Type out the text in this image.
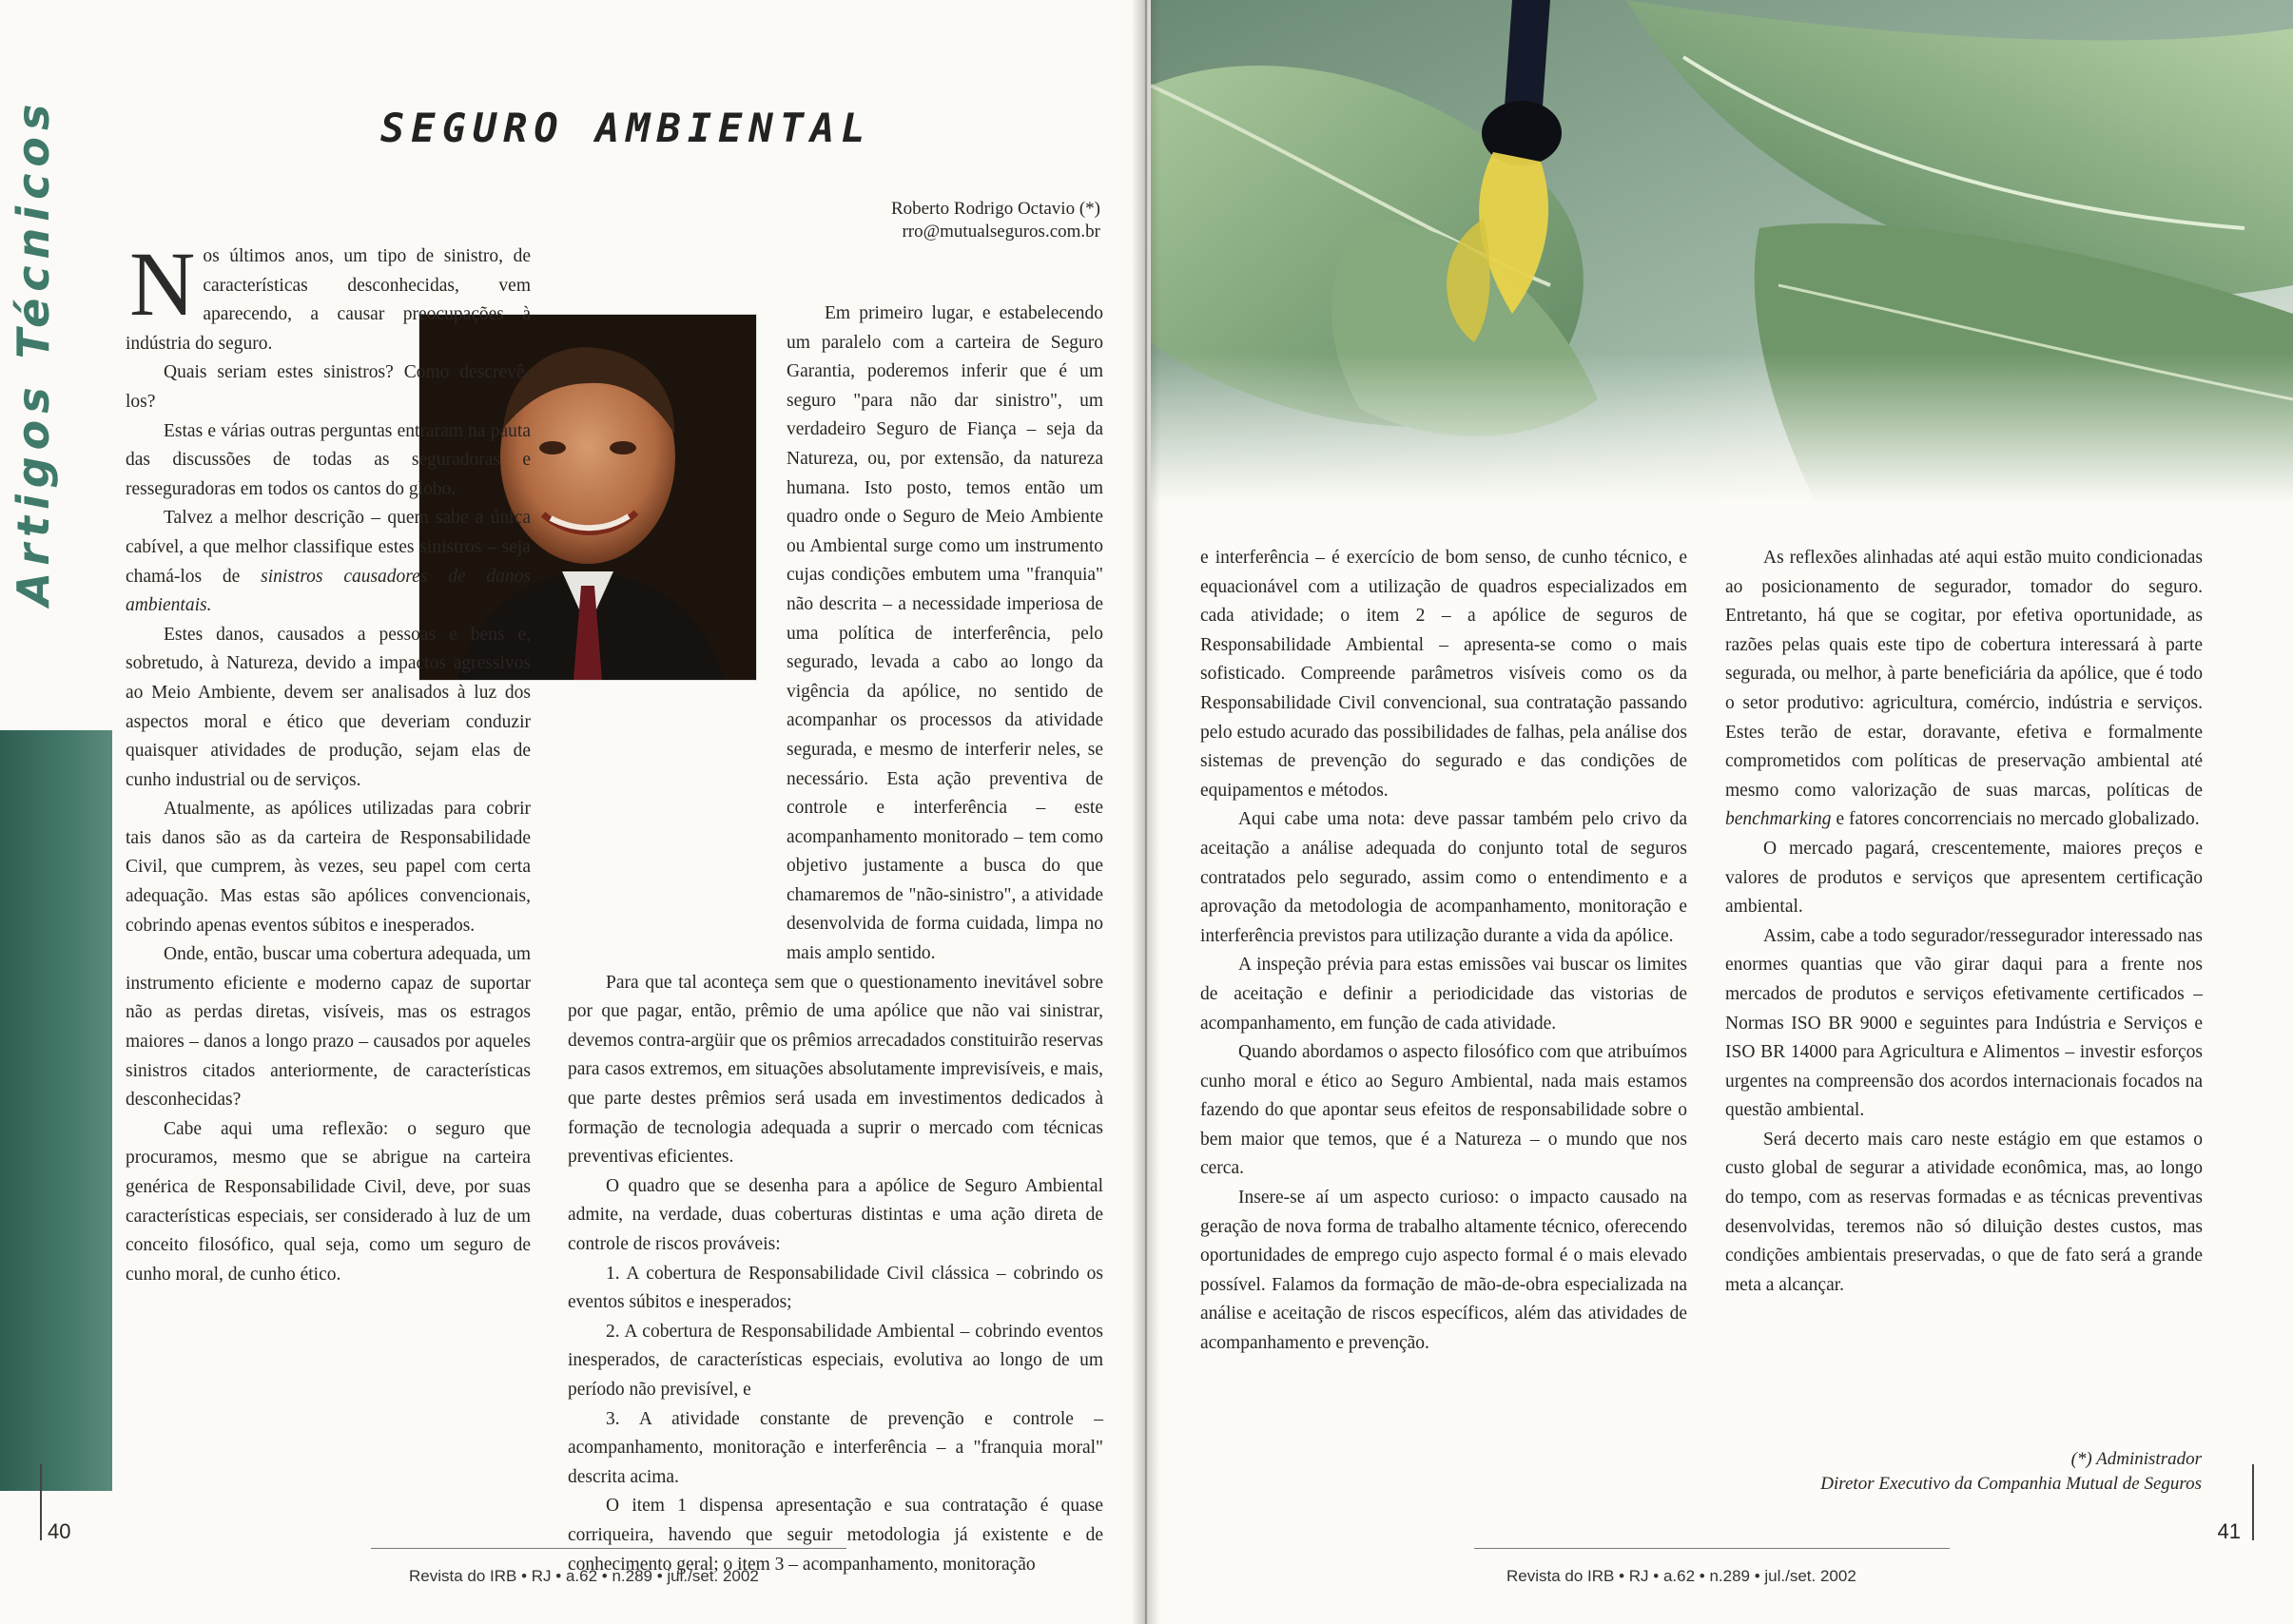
Artigos Técnicos	SEGURO AMBIENTAL
Roberto Rodrigo Octavio (*)
rro@mutualseguros.com.br

Nos últimos anos, um tipo de sinistro, de características desconhecidas, vem aparecendo, a causar preocupações à indústria do seguro.

Quais seriam estes sinistros? Como descrevê-los?

Estas e várias outras perguntas entraram na pauta das discussões de todas as seguradoras e resseguradoras em todos os cantos do globo.

Talvez a melhor descrição – quem sabe a única cabível, a que melhor classifique estes sinistros – seja chamá-los de sinistros causadores de danos ambientais.

Estes danos, causados a pessoas e bens e, sobretudo, à Natureza, devido a impactos agressivos ao Meio Ambiente, devem ser analisados à luz dos aspectos moral e ético que deveriam conduzir quaisquer atividades de produção, sejam elas de cunho industrial ou de serviços.

Atualmente, as apólices utilizadas para cobrir tais danos são as da carteira de Responsabilidade Civil, que cumprem, às vezes, seu papel com certa adequação. Mas estas são apólices convencionais, cobrindo apenas eventos súbitos e inesperados.

Onde, então, buscar uma cobertura adequada, um instrumento eficiente e moderno capaz de suportar não as perdas diretas, visíveis, mas os estragos maiores – danos a longo prazo – causados por aqueles sinistros citados anteriormente, de características desconhecidas?

Cabe aqui uma reflexão: o seguro que procuramos, mesmo que se abrigue na carteira genérica de Responsabilidade Civil, deve, por suas características especiais, ser considerado à luz de um conceito filosófico, qual seja, como um seguro de cunho moral, de cunho ético.

Em primeiro lugar, e estabelecendo um paralelo com a carteira de Seguro Garantia, poderemos inferir que é um seguro "para não dar sinistro", um verdadeiro Seguro de Fiança – seja da Natureza, ou, por extensão, da natureza humana. Isto posto, temos então um quadro onde o Seguro de Meio Ambiente ou Ambiental surge como um instrumento cujas condições embutem uma "franquia" não descrita – a necessidade imperiosa de uma política de interferência, pelo segurado, levada a cabo ao longo da vigência da apólice, no sentido de acompanhar os processos da atividade segurada, e mesmo de interferir neles, se necessário. Esta ação preventiva de controle e interferência – este acompanhamento monitorado – tem como objetivo justamente a busca do que chamaremos de "não-sinistro", a atividade desenvolvida de forma cuidada, limpa no mais amplo sentido.

Para que tal aconteça sem que o questionamento inevitável sobre por que pagar, então, prêmio de uma apólice que não vai sinistrar, devemos contra-argüir que os prêmios arrecadados constituirão reservas para casos extremos, em situações absolutamente imprevisíveis, e mais, que parte destes prêmios será usada em investimentos dedicados à formação de tecnologia adequada a suprir o mercado com técnicas preventivas eficientes.

O quadro que se desenha para a apólice de Seguro Ambiental admite, na verdade, duas coberturas distintas e uma ação direta de controle de riscos prováveis:

1. A cobertura de Responsabilidade Civil clássica – cobrindo os eventos súbitos e inesperados;

2. A cobertura de Responsabilidade Ambiental – cobrindo eventos inesperados, de características especiais, evolutiva ao longo de um período não previsível, e

3. A atividade constante de prevenção e controle – acompanhamento, monitoração e interferência – a "franquia moral" descrita acima.

O item 1 dispensa apresentação e sua contratação é quase corriqueira, havendo que seguir metodologia já existente e de conhecimento geral; o item 3 – acompanhamento, monitoração

40
Revista do IRB • RJ • a.62 • n.289 • jul./set. 2002

e interferência – é exercício de bom senso, de cunho técnico, e equacionável com a utilização de quadros especializados em cada atividade; o item 2 – a apólice de seguros de Responsabilidade Ambiental – apresenta-se como o mais sofisticado. Compreende parâmetros visíveis como os da Responsabilidade Civil convencional, sua contratação passando pelo estudo acurado das possibilidades de falhas, pela análise dos sistemas de prevenção do segurado e das condições de equipamentos e métodos.

Aqui cabe uma nota: deve passar também pelo crivo da aceitação a análise adequada do conjunto total de seguros contratados pelo segurado, assim como o entendimento e a aprovação da metodologia de acompanhamento, monitoração e interferência previstos para utilização durante a vida da apólice.

A inspeção prévia para estas emissões vai buscar os limites de aceitação e definir a periodicidade das vistorias de acompanhamento, em função de cada atividade.

Quando abordamos o aspecto filosófico com que atribuímos cunho moral e ético ao Seguro Ambiental, nada mais estamos fazendo do que apontar seus efeitos de responsabilidade sobre o bem maior que temos, que é a Natureza – o mundo que nos cerca.

Insere-se aí um aspecto curioso: o impacto causado na geração de nova forma de trabalho altamente técnico, oferecendo oportunidades de emprego cujo aspecto formal é o mais elevado possível. Falamos da formação de mão-de-obra especializada na análise e aceitação de riscos específicos, além das atividades de acompanhamento e prevenção.

As reflexões alinhadas até aqui estão muito condicionadas ao posicionamento de segurador, tomador do seguro. Entretanto, há que se cogitar, por efetiva oportunidade, as razões pelas quais este tipo de cobertura interessará à parte segurada, ou melhor, à parte beneficiária da apólice, que é todo o setor produtivo: agricultura, comércio, indústria e serviços. Estes terão de estar, doravante, efetiva e formalmente comprometidos com políticas de preservação ambiental até mesmo como valorização de suas marcas, políticas de benchmarking e fatores concorrenciais no mercado globalizado.

O mercado pagará, crescentemente, maiores preços e valores de produtos e serviços que apresentem certificação ambiental.

Assim, cabe a todo segurador/ressegurador interessado nas enormes quantias que vão girar daqui para a frente nos mercados de produtos e serviços efetivamente certificados – Normas ISO BR 9000 e seguintes para Indústria e Serviços e ISO BR 14000 para Agricultura e Alimentos – investir esforços urgentes na compreensão dos acordos internacionais focados na questão ambiental.

Será decerto mais caro neste estágio em que estamos o custo global de segurar a atividade econômica, mas, ao longo do tempo, com as reservas formadas e as técnicas preventivas desenvolvidas, teremos não só diluição destes custos, mas condições ambientais preservadas, o que de fato será a grande meta a alcançar.

(*) Administrador
Diretor Executivo da Companhia Mutual de Seguros
41
Revista do IRB • RJ • a.62 • n.289 • jul./set. 2002
